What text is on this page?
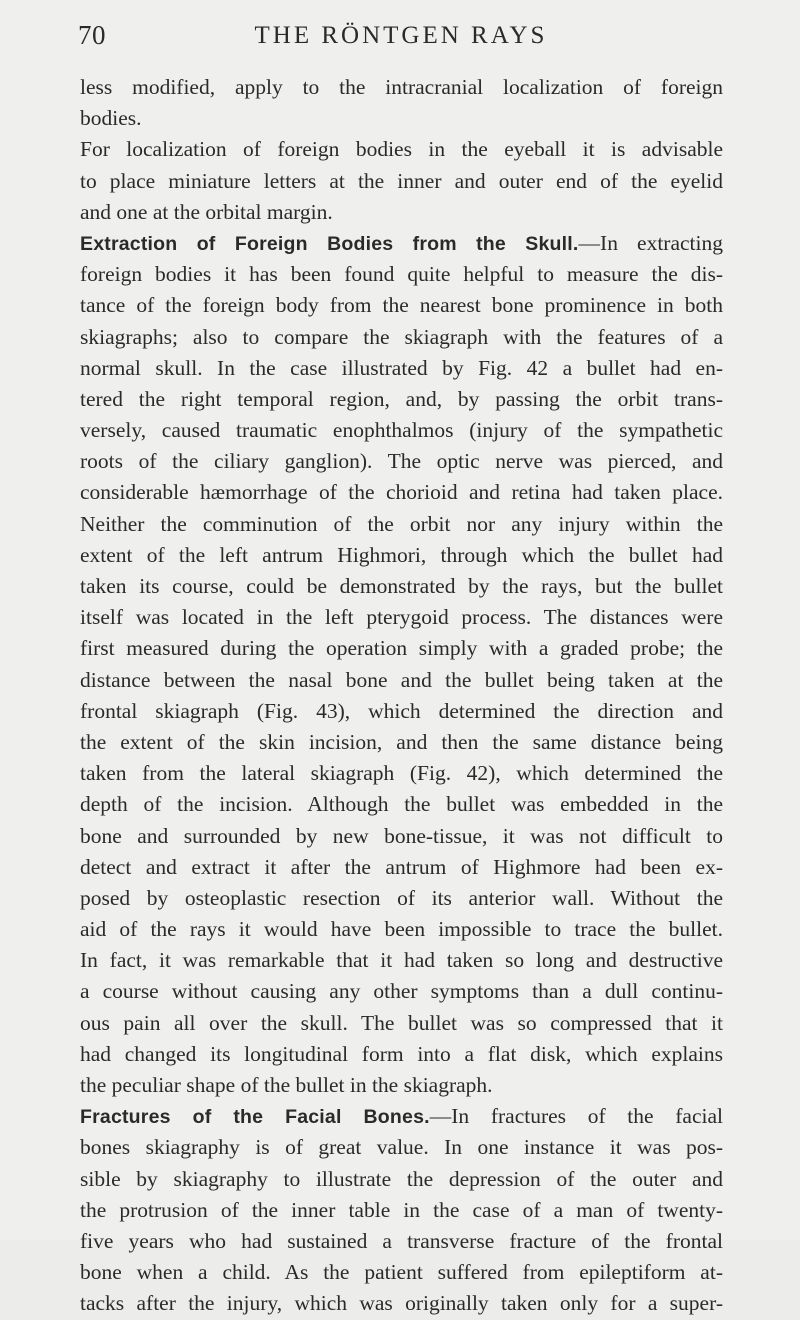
70	THE RÖNTGEN RAYS
less modified, apply to the intracranial localization of foreign
bodies.
For localization of foreign bodies in the eyeball it is advisable
to place miniature letters at the inner and outer end of the eyelid
and one at the orbital margin.
Extraction of Foreign Bodies from the Skull.—In extracting
foreign bodies it has been found quite helpful to measure the dis-
tance of the foreign body from the nearest bone prominence in both
skiagraphs; also to compare the skiagraph with the features of a
normal skull. In the case illustrated by Fig. 42 a bullet had en-
tered the right temporal region, and, by passing the orbit trans-
versely, caused traumatic enophthalmos (injury of the sympathetic
roots of the ciliary ganglion). The optic nerve was pierced, and
considerable hæmorrhage of the chorioid and retina had taken place.
Neither the comminution of the orbit nor any injury within the
extent of the left antrum Highmori, through which the bullet had
taken its course, could be demonstrated by the rays, but the bullet
itself was located in the left pterygoid process. The distances were
first measured during the operation simply with a graded probe; the
distance between the nasal bone and the bullet being taken at the
frontal skiagraph (Fig. 43), which determined the direction and
the extent of the skin incision, and then the same distance being
taken from the lateral skiagraph (Fig. 42), which determined the
depth of the incision. Although the bullet was embedded in the
bone and surrounded by new bone-tissue, it was not difficult to
detect and extract it after the antrum of Highmore had been ex-
posed by osteoplastic resection of its anterior wall. Without the
aid of the rays it would have been impossible to trace the bullet.
In fact, it was remarkable that it had taken so long and destructive
a course without causing any other symptoms than a dull continu-
ous pain all over the skull. The bullet was so compressed that it
had changed its longitudinal form into a flat disk, which explains
the peculiar shape of the bullet in the skiagraph.
Fractures of the Facial Bones.—In fractures of the facial
bones skiagraphy is of great value. In one instance it was pos-
sible by skiagraphy to illustrate the depression of the outer and
the protrusion of the inner table in the case of a man of twenty-
five years who had sustained a transverse fracture of the frontal
bone when a child. As the patient suffered from epileptiform at-
tacks after the injury, which was originally taken only for a super-
